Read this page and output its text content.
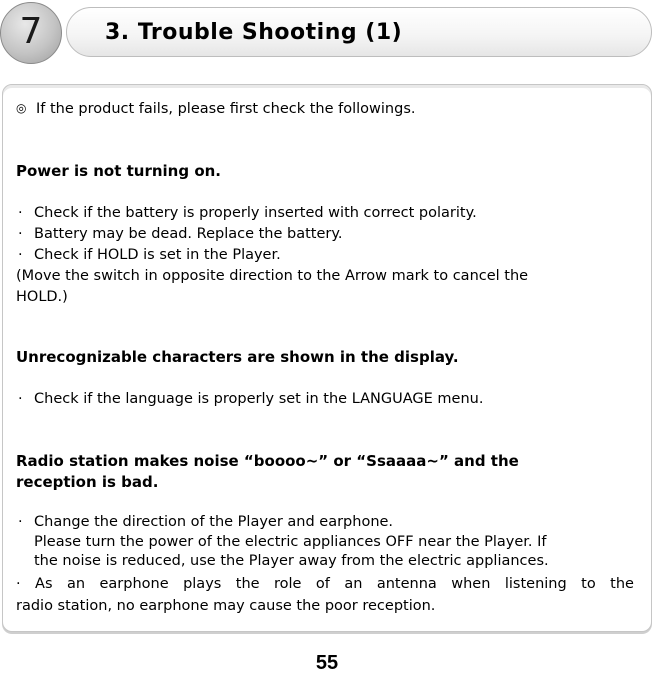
7	3. Trouble Shooting (1)
◎ If the product fails, please first check the followings.
Power is not turning on.
· Check if the battery is properly inserted with correct polarity.
· Battery may be dead. Replace the battery.
· Check if HOLD is set in the Player.
(Move the switch in opposite direction to the Arrow mark to cancel the
HOLD.)
Unrecognizable characters are shown in the display.
· Check if the language is properly set in the LANGUAGE menu.
Radio station makes noise “boooo~” or “Ssaaaa~” and the
reception is bad.
· Change the direction of the Player and earphone.
Please turn the power of the electric appliances OFF near the Player. If
the noise is reduced, use the Player away from the electric appliances.
· As an earphone plays the role of an antenna when listening to the
radio station, no earphone may cause the poor reception.
55
